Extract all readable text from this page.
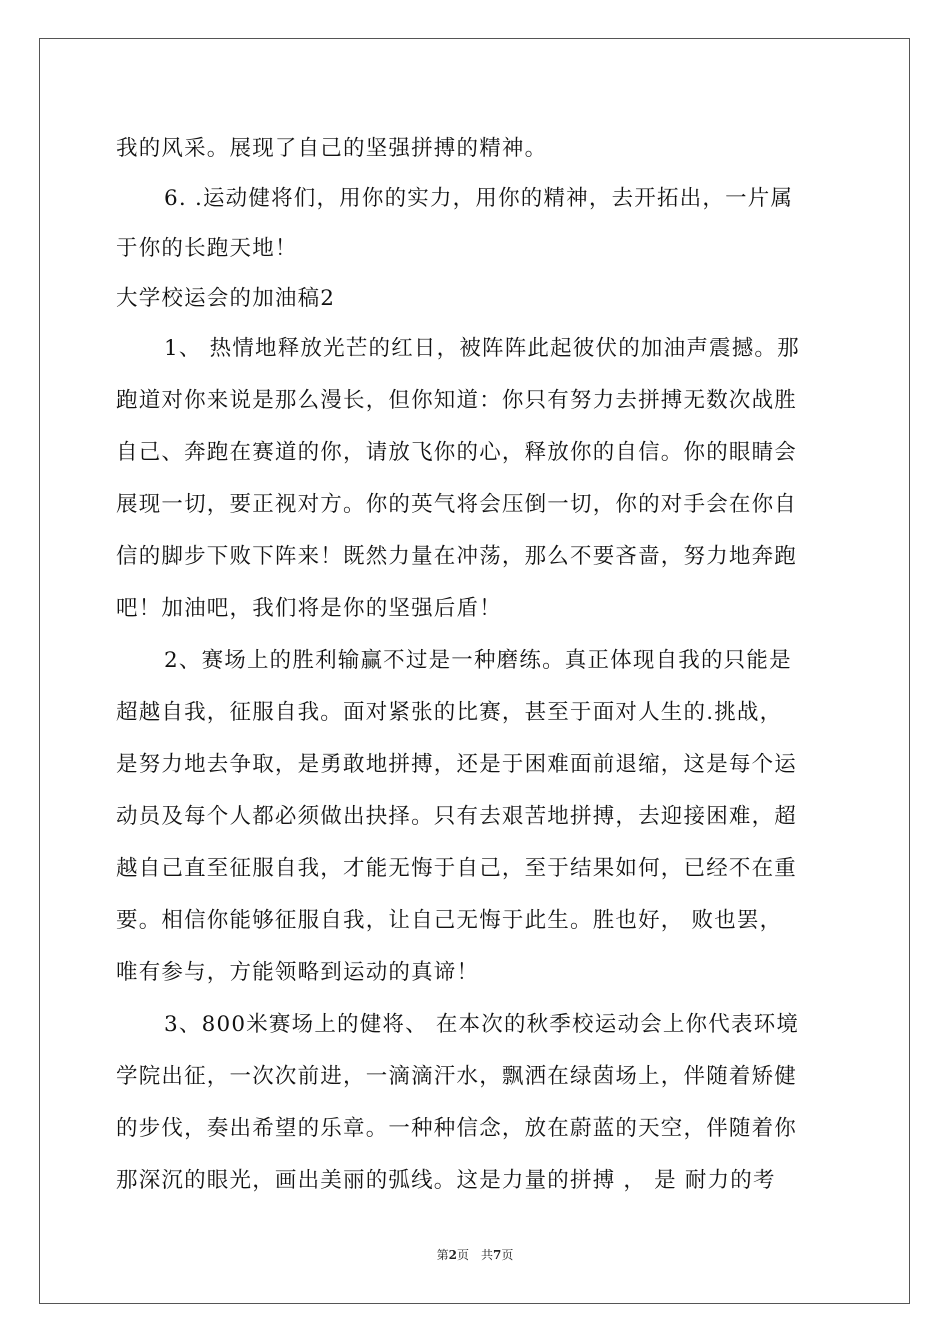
我的风采。展现了自己的坚强拼搏的精神。
6. .运动健将们，用你的实力，用你的精神，去开拓出，一片属
于你的长跑天地！
大学校运会的加油稿2
1、 热情地释放光芒的红日，被阵阵此起彼伏的加油声震撼。那
跑道对你来说是那么漫长，但你知道：你只有努力去拼搏无数次战胜
自己、奔跑在赛道的你，请放飞你的心，释放你的自信。你的眼睛会
展现一切，要正视对方。你的英气将会压倒一切，你的对手会在你自
信的脚步下败下阵来！既然力量在冲荡，那么不要吝啬，努力地奔跑
吧！加油吧，我们将是你的坚强后盾！
2、赛场上的胜利输赢不过是一种磨练。真正体现自我的只能是
超越自我，征服自我。面对紧张的比赛，甚至于面对人生的.挑战，
是努力地去争取，是勇敢地拼搏，还是于困难面前退缩，这是每个运
动员及每个人都必须做出抉择。只有去艰苦地拼搏，去迎接困难，超
越自己直至征服自我，才能无悔于自己，至于结果如何，已经不在重
要。相信你能够征服自我，让自己无悔于此生。胜也好， 败也罢，
唯有参与，方能领略到运动的真谛！
3、800米赛场上的健将、 在本次的秋季校运动会上你代表环境
学院出征，一次次前进，一滴滴汗水，飘洒在绿茵场上，伴随着矫健
的步伐，奏出希望的乐章。一种种信念，放在蔚蓝的天空，伴随着你
那深沉的眼光，画出美丽的弧线。这是力量的拼搏 ， 是 耐力的考
第2页　共7页
